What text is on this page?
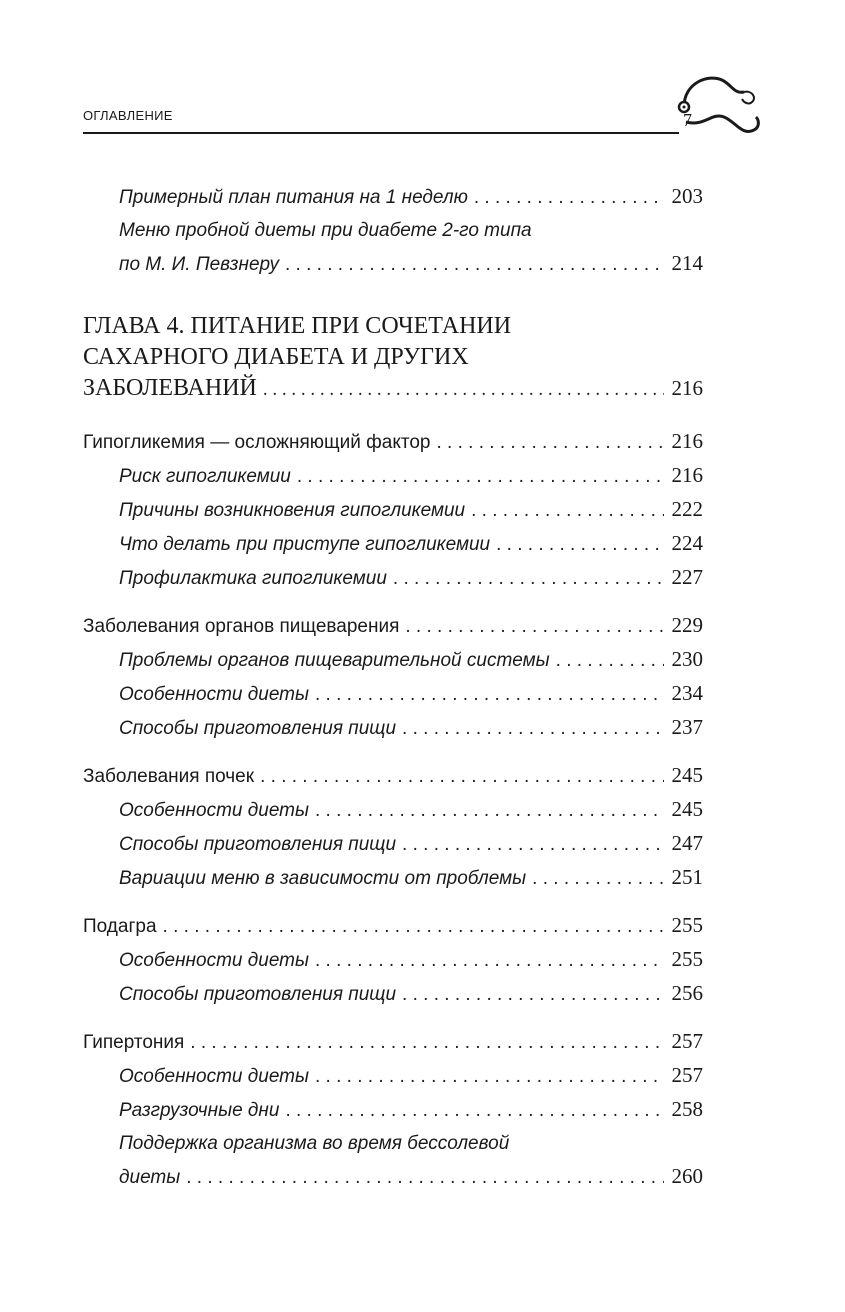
ОГЛАВЛЕНИЕ	7
Примерный план питания на 1 неделю . . .	203
Меню пробной диеты при диабете 2-го типа
по М. И. Певзнеру . . .	214
ГЛАВА 4. ПИТАНИЕ ПРИ СОЧЕТАНИИ
САХАРНОГО ДИАБЕТА И ДРУГИХ
ЗАБОЛЕВАНИЙ . . .	216
Гипогликемия — осложняющий фактор . . .	216
Риск гипогликемии . . .	216
Причины возникновения гипогликемии . . .	222
Что делать при приступе гипогликемии . . .	224
Профилактика гипогликемии . . .	227
Заболевания органов пищеварения . . .	229
Проблемы органов пищеварительной системы . . .	230
Особенности диеты . . .	234
Способы приготовления пищи . . .	237
Заболевания почек . . .	245
Особенности диеты . . .	245
Способы приготовления пищи . . .	247
Вариации меню в зависимости от проблемы . . .	251
Подагра . . .	255
Особенности диеты . . .	255
Способы приготовления пищи . . .	256
Гипертония . . .	257
Особенности диеты . . .	257
Разгрузочные дни . . .	258
Поддержка организма во время бессолевой
диеты . . .	260
